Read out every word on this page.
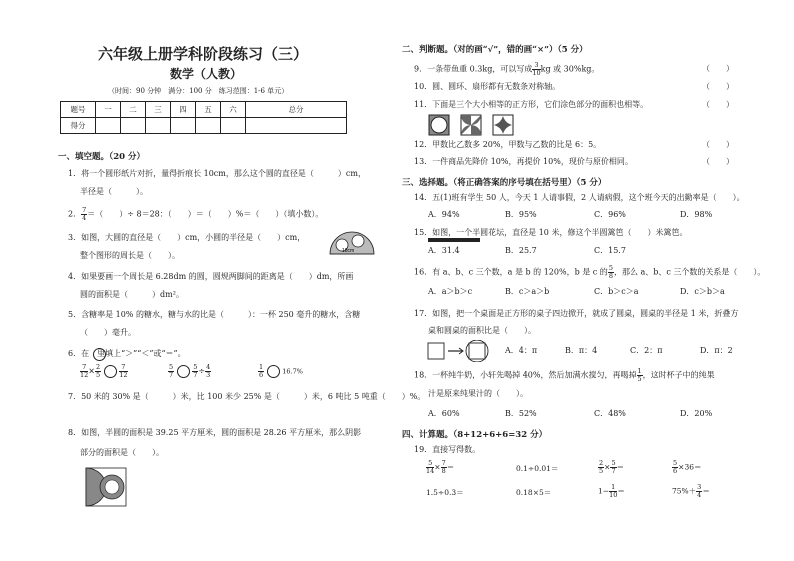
六年级上册学科阶段练习（三）
数学（人教）
（时间：90 分钟　满分：100 分　练习范围：1-6 单元）
题号	一	二	三	四	五	六	总分
得分							
一、填空题。（20 分）
1．将一个圆形纸片对折，量得折痕长 10cm，那么这个圆的直径是（　　　）cm，
半径是（　　　）。
2． $\frac{7}{4}$ ＝（　　）÷ 8＝28：（　　）＝（　　）%＝（　　）（填小数）。
3．如图，大圆的直径是（　　）cm，小圆的半径是（　　）cm，
整个图形的周长是（　　）。	18cm
4．如果要画一个周长是 6.28dm 的圆，圆规两脚间的距离是（　　）dm，所画
圆的面积是（　　　）dm²。
5．含糖率是 10% 的糖水，糖与水的比是（　　　）：一杯 250 毫升的糖水，含糖
（　　）毫升。
6．在　里填上“＞”“＜”或“＝”。
$\frac{7}{12} \times \frac{2}{5}$
	$\frac{7}{12}$	$\frac{5}{7}$
	$\frac{5}{7} \div \frac{4}{3}$	$\frac{1}{6}$	16.7%
7．50 米的 30% 是（　　　）米，比 100 米少 25% 是（　　　）米，6 吨比 5 吨重（　　）%。
8．如图，半圆的面积是 39.25 平方厘米，圆的面积是 28.26 平方厘米，那么阴影
部分的面积是（　　）。
二、判断题。（对的画“√”，错的画“×”）（5 分）
9．一条带鱼重 0.3kg，可以写成 $\frac{3}{10}$ kg 或 30%kg。	（　　）
10．圆、圆环、扇形都有无数条对称轴。	（　　）
11．下面是三个大小相等的正方形，它们涂色部分的面积也相等。	（　　）
12．甲数比乙数多 20%，甲数与乙数的比是 6：5。	（　　）
13．一件商品先降价 10%，再提价 10%，现价与原价相同。	（　　）
三、选择题。（将正确答案的序号填在括号里）（5 分）
14．五(1)班有学生 50 人，今天 1 人请事假，2 人请病假，这个班今天的出勤率是（　　）。
A．94%	B．95%	C．96%	D．98%
15．如图，一个半圆花坛，直径是 10 米，修这个半圆篱笆（　　）米篱笆。
A．31.4	B．25.7	C．15.7
16．有 a、b、c 三个数，a 是 b 的 120%，b 是 c 的 $\frac{5}{8}$ ，那么 a、b、c 三个数的关系是（　　）。
A．a＞b＞c	B．c＞a＞b	C．b＞c＞a	D．c＞b＞a
17．如图，把一个桌面是正方形的桌子四边掀开，就成了圆桌，圆桌的半径是 1 米，折叠方
桌和圆桌的面积比是（　　）。
A．4：π	B．π：4	C．2：π	D．π：2
18．一杯纯牛奶，小轩先喝掉 40%，然后加满水搅匀，再喝掉 $\frac{1}{5}$ ，这时杯子中的纯果
汁是原来纯果汁的（　　）。
A．60%	B．52%	C．48%	D．20%
四、计算题。（8+12+6+6=32 分）
19．直接写得数。
$\frac{5}{14} \times \frac{7}{8}$ ＝	0.1÷0.01＝	$\frac{2}{5} \times \frac{5}{7}$ ＝	$\frac{5}{6} \times 36=$
1.5÷0.3＝	0.18×5＝	$1- \frac{1}{10}$ ＝	$75\%+ \frac{3}{4}$ ＝
